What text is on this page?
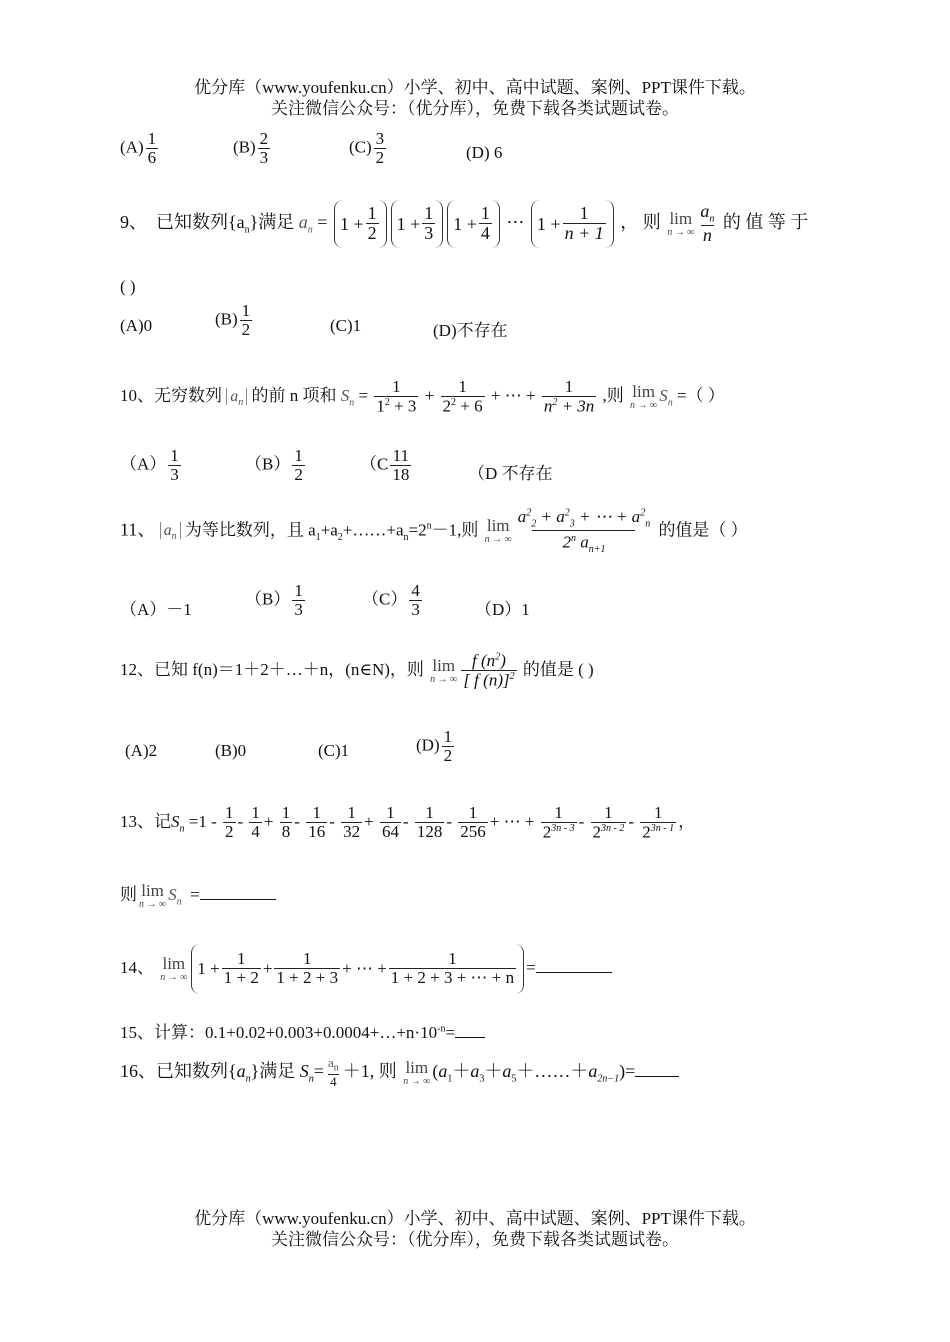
优分库（www.youfenku.cn）小学、初中、高中试题、案例、PPT课件下载。
关注微信公众号：（优分库），免费下载各类试题试卷。
$(A) \frac{1}{6}$	$(B) \frac{2}{3}$	$(C) \frac{3}{2}$	(D) 6
9、 已知数列$\{a_n\}$满足 $a_n = 1 + \frac{1}{2} 1 + \frac{1}{3} 1 + \frac{1}{4}$ ⋯ $1 + \frac{1}{n + 1}$ ， 则 lim
n → ∞ $\frac{a_n}{n}$ 的 值 等 于
( )
(A)0	$(B) \frac{1}{2}$	(C)1	(D)不存在
10、无穷数列 $a_n$ 的前 n 项和 $S_n = \frac{1}{1^2 + 3} + \frac{1}{2^2 + 6}$ + ⋯ + $\frac{1}{n^2 + 3n}$ ,则 lim
n → ∞
$S_n$ =（ ）
$(A) \frac{1}{3}$	$(B) \frac{1}{2}$	（$C \frac{11}{18}$	（D 不存在
11、 $a_n$ 为等比数列，且 $a_1+a_2+\dots\dots+a_n=2^n-1$,则 lim
n → ∞ $\frac{a^2_2 + a^2_3 + \cdots + a^2_n}{2^n a_{n+1}}$ 的值是（ ）
（A）－1
$(B) \frac{1}{3}$	$(C) \frac{4}{3}$	（D）1
12、已知 f(n)＝1＋2＋…＋n，(n∈N)，则 lim
n → ∞ $\frac{f (n^2)}{[ f (n)]^2}$ 的值是 ( )
(A)2	(B)0	(C)1	$(D) \frac{1}{2}$
13、记$S_n =1 - \frac{1}{2} - \frac{1}{4} + \frac{1}{8} - \frac{1}{16} - \frac{1}{32} + \frac{1}{64} - \frac{1}{128} - \frac{1}{256}$ + ⋯ + $\frac{1}{2^{3n - 3}} - \frac{1}{2^{3n - 2}} - \frac{1}{2^{3n - 1}}$ ，
则 lim
n → ∞
$S_n$ =
14、 lim
n → ∞ $1 + \frac{1}{1 + 2} + \frac{1}{1 + 2 + 3}$ + ⋯ + $\frac{1}{1 + 2 + 3 + \cdots + n}$ =
15、计算：$0.1+0.02+0.003+0.0004+\dots+n\cdot 10^{-n}=$
16、已知数列$\{a_n\}$满足 $S_n= \frac{a_n}{4} +1$, 则 lim
n → ∞
$(a_1+a_3+a_5+\dots\dots+a_{2n-1})=$
优分库（www.youfenku.cn）小学、初中、高中试题、案例、PPT课件下载。
关注微信公众号：（优分库），免费下载各类试题试卷。
